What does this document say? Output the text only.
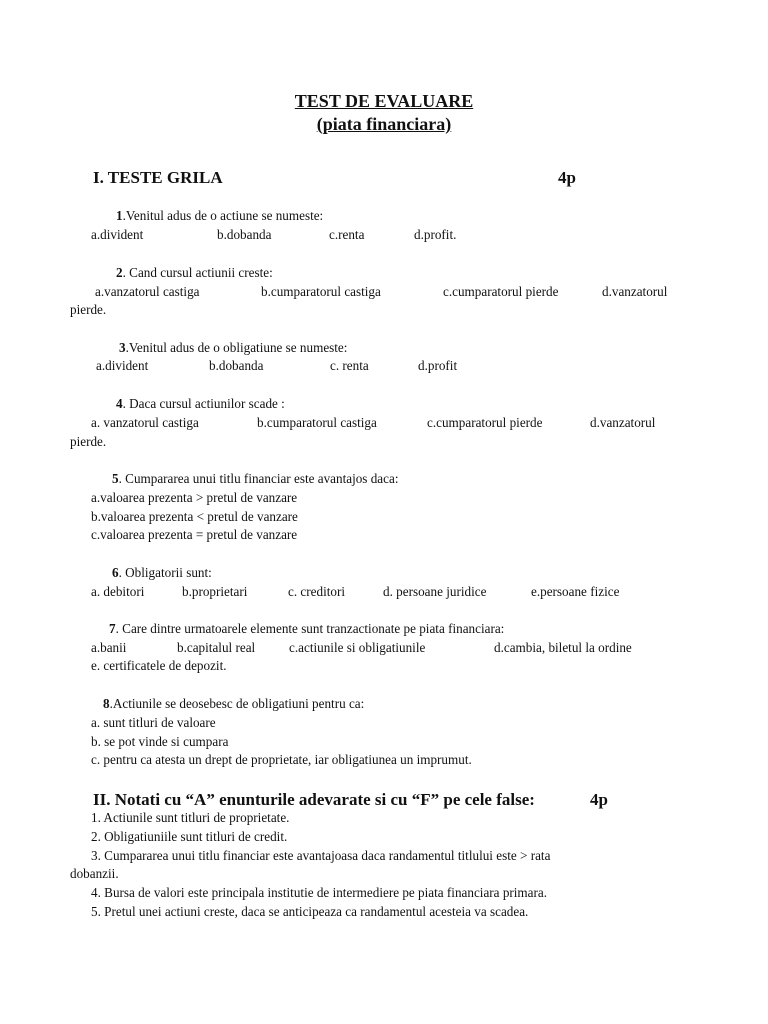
TEST DE EVALUARE
(piata financiara)
I. TESTE GRILA	4p
1.Venitul adus de o actiune se numeste:
a.divident	b.dobanda	c.renta	d.profit.
2. Cand cursul actiunii creste:
a.vanzatorul castiga	b.cumparatorul castiga	c.cumparatorul pierde	d.vanzatorul
pierde.
3.Venitul adus de o obligatiune se numeste:
a.divident	b.dobanda	c. renta	d.profit
4. Daca cursul actiunilor scade :
a. vanzatorul castiga	b.cumparatorul castiga	c.cumparatorul pierde	d.vanzatorul
pierde.
5. Cumpararea unui titlu financiar este avantajos daca:
a.valoarea prezenta > pretul de vanzare
b.valoarea prezenta < pretul de vanzare
c.valoarea prezenta = pretul de vanzare
6. Obligatorii sunt:
a. debitori	b.proprietari	c. creditori	d. persoane juridice	e.persoane fizice
7. Care dintre urmatoarele elemente sunt tranzactionate pe piata financiara:
a.banii	b.capitalul real c.actiunile si obligatiunile	d.cambia, biletul la ordine
e. certificatele de depozit.
8.Actiunile se deosebesc de obligatiuni pentru ca:
a. sunt titluri de valoare
b. se pot vinde si cumpara
c. pentru ca atesta un drept de proprietate, iar obligatiunea un imprumut.
II. Notati cu “A” enunturile adevarate si cu “F” pe cele false:	4p
1. Actiunile sunt titluri de proprietate.
2. Obligatiuniile sunt titluri de credit.
3. Cumpararea unui titlu financiar este avantajoasa daca randamentul titlului este > rata
dobanzii.
4. Bursa de valori este principala institutie de intermediere pe piata financiara primara.
5. Pretul unei actiuni creste, daca se anticipeaza ca randamentul acesteia va scadea.
